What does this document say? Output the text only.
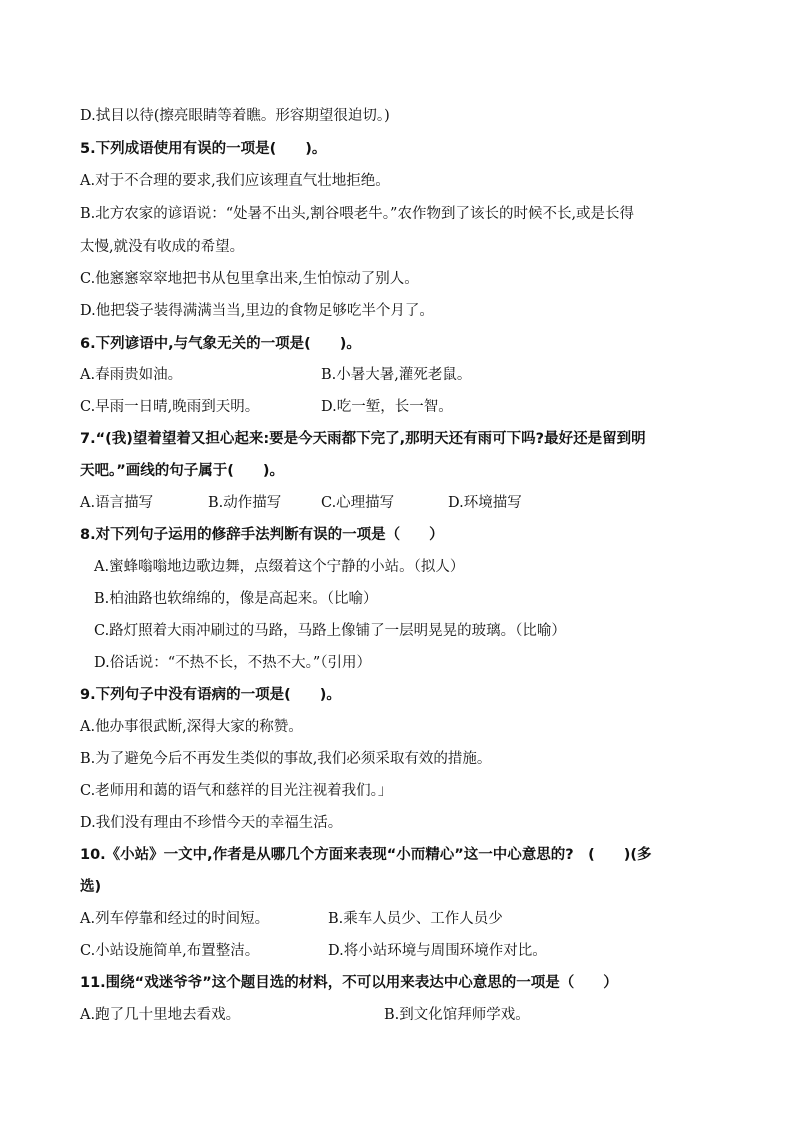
D.拭目以待(擦亮眼睛等着瞧。形容期望很迫切。)
5.下列成语使用有误的一项是(　　)。
A.对于不合理的要求,我们应该理直气壮地拒绝。
B.北方农家的谚语说：“处暑不出头,割谷喂老牛。”农作物到了该长的时候不长,或是长得
太慢,就没有收成的希望。
C.他窸窸窣窣地把书从包里拿出来,生怕惊动了别人。
D.他把袋子装得满满当当,里边的食物足够吃半个月了。
6.下列谚语中,与气象无关的一项是(　　)。
A.春雨贵如油。	B.小暑大暑,灌死老鼠。
C.早雨一日晴,晚雨到天明。	D.吃一堑，长一智。
7.“(我)望着望着又担心起来:要是今天雨都下完了,那明天还有雨可下吗?最好还是留到明
天吧。”画线的句子属于(　　)。
A.语言描写	B.动作描写	C.心理描写	D.环境描写
8.对下列句子运用的修辞手法判断有误的一项是（　　）
A.蜜蜂嗡嗡地边歌边舞，点缀着这个宁静的小站。（拟人）
B.柏油路也软绵绵的，像是高起来。（比喻）
C.路灯照着大雨冲刷过的马路，马路上像铺了一层明晃晃的玻璃。（比喻）
D.俗话说：“不热不长，不热不大。”（引用）
9.下列句子中没有语病的一项是(　　)。
A.他办事很武断,深得大家的称赞。
B.为了避免今后不再发生类似的事故,我们必须采取有效的措施。
C.老师用和蔼的语气和慈祥的目光注视着我们。」
D.我们没有理由不珍惜今天的幸福生活。
10.《小站》一文中,作者是从哪几个方面来表现“小而精心”这一中心意思的?　(　　)(多
选)
A.列车停靠和经过的时间短。	B.乘车人员少、工作人员少
C.小站设施简单,布置整洁。	D.将小站环境与周围环境作对比。
11.围绕“戏迷爷爷”这个题目选的材料，不可以用来表达中心意思的一项是（　　）
A.跑了几十里地去看戏。	B.到文化馆拜师学戏。
